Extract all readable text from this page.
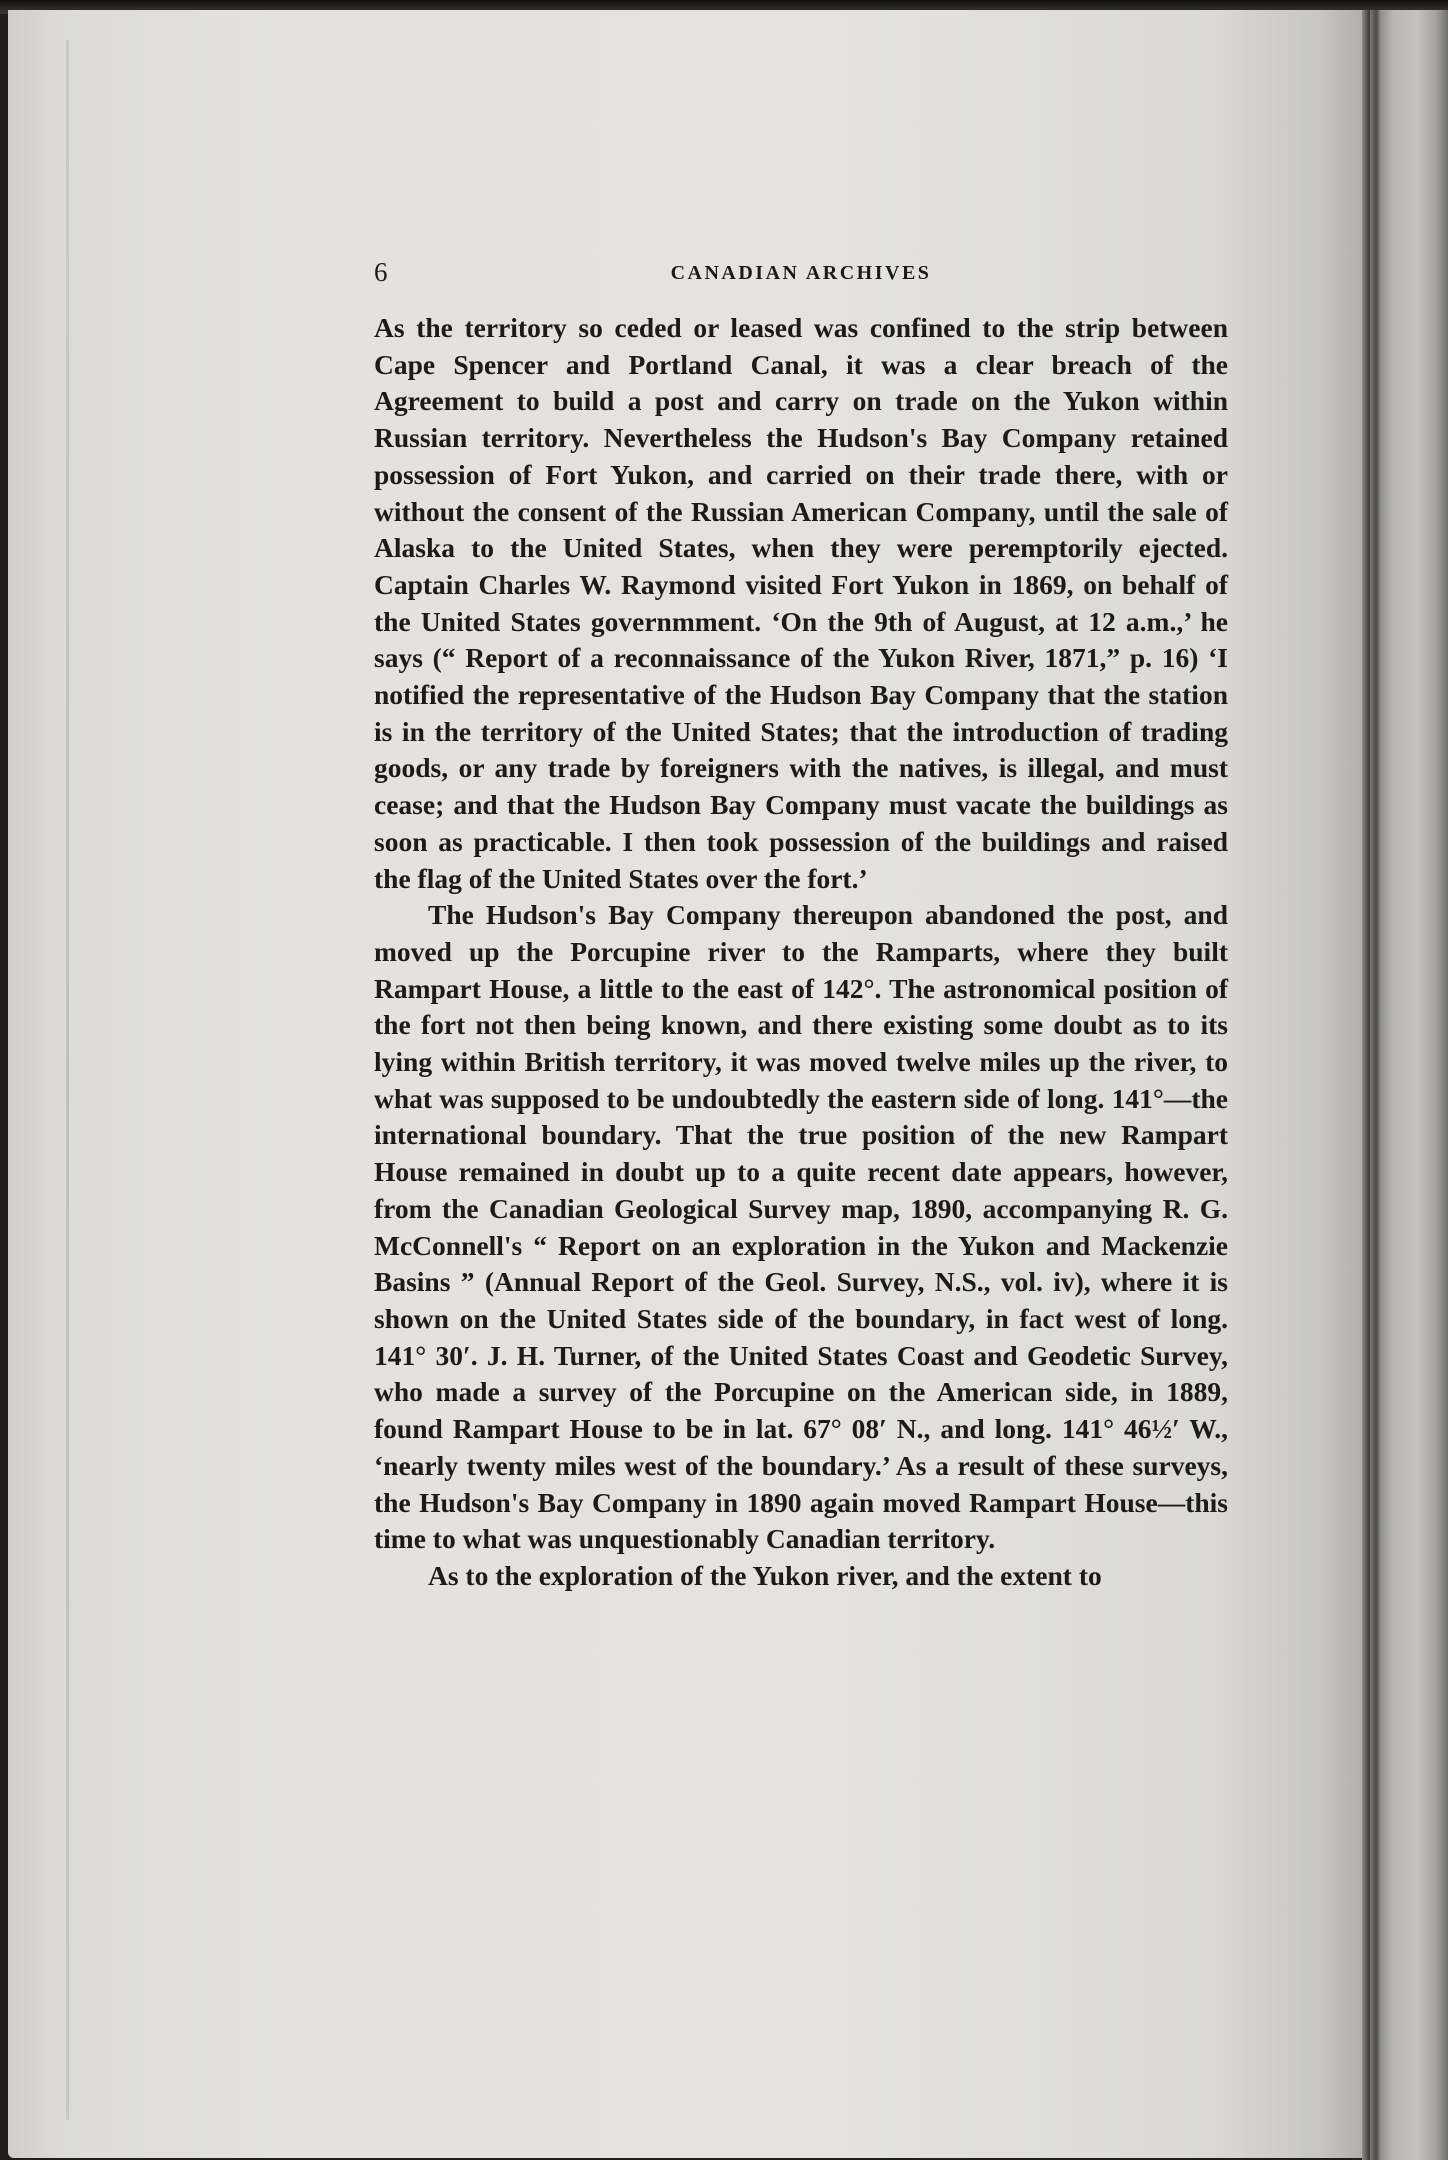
6	CANADIAN ARCHIVES

As the territory so ceded or leased was confined to the strip between Cape Spencer and Portland Canal, it was a clear breach of the Agreement to build a post and carry on trade on the Yukon within Russian territory. Nevertheless the Hudson's Bay Company retained possession of Fort Yukon, and carried on their trade there, with or without the consent of the Russian American Company, until the sale of Alaska to the United States, when they were peremptorily ejected. Captain Charles W. Raymond visited Fort Yukon in 1869, on behalf of the United States governmment. ‘On the 9th of August, at 12 a.m.,’ he says (“ Report of a reconnaissance of the Yukon River, 1871,” p. 16) ‘I notified the representative of the Hudson Bay Company that the station is in the territory of the United States; that the introduction of trading goods, or any trade by foreigners with the natives, is illegal, and must cease; and that the Hudson Bay Company must vacate the buildings as soon as practicable. I then took possession of the buildings and raised the flag of the United States over the fort.’

The Hudson's Bay Company thereupon abandoned the post, and moved up the Porcupine river to the Ramparts, where they built Rampart House, a little to the east of 142°. The astronomical position of the fort not then being known, and there existing some doubt as to its lying within British territory, it was moved twelve miles up the river, to what was supposed to be undoubtedly the eastern side of long. 141°—the international boundary. That the true position of the new Rampart House remained in doubt up to a quite recent date appears, however, from the Canadian Geological Survey map, 1890, accompanying R. G. McConnell's “ Report on an exploration in the Yukon and Mackenzie Basins ” (Annual Report of the Geol. Survey, N.S., vol. iv), where it is shown on the United States side of the boundary, in fact west of long. 141° 30′. J. H. Turner, of the United States Coast and Geodetic Survey, who made a survey of the Porcupine on the American side, in 1889, found Rampart House to be in lat. 67° 08′ N., and long. 141° 46½′ W., ‘nearly twenty miles west of the boundary.’ As a result of these surveys, the Hudson's Bay Company in 1890 again moved Rampart House—this time to what was unquestionably Canadian territory.

As to the exploration of the Yukon river, and the extent to
